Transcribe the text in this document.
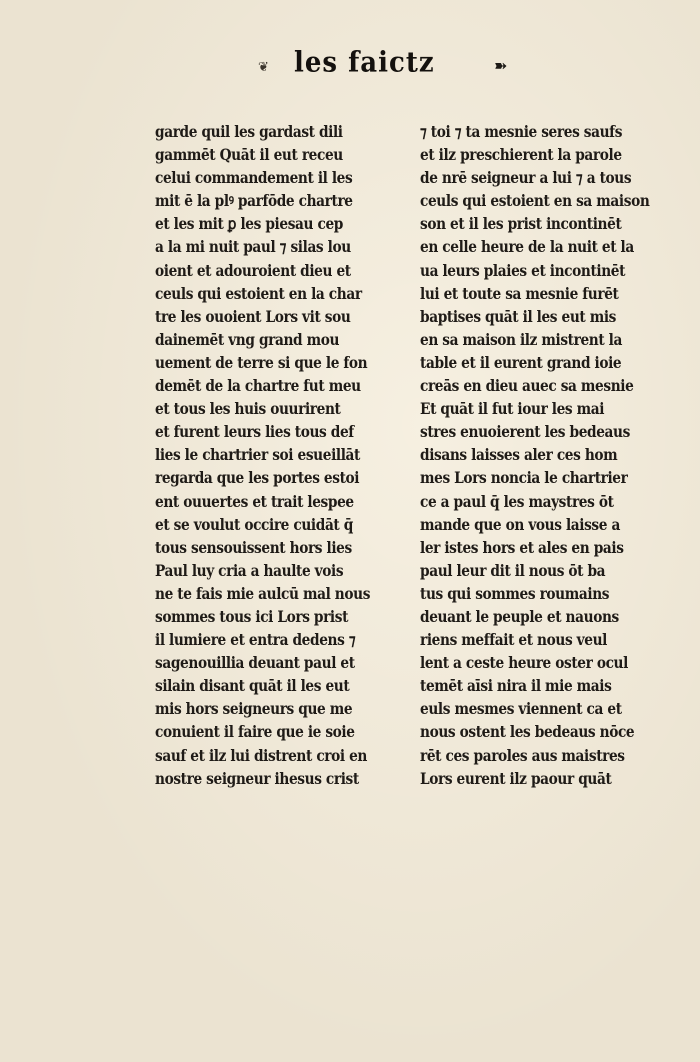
❦ les faictz	➽
garde quil les gardast dili
gammēt Quāt il eut receu
celui commandement il les
mit ē la plꝰ parfōde chartre
et les mit ꝑ les piesau cep
a la mi nuit paul ⁊ silas lou
oient et adouroient dieu et
ceuls qui estoient en la char
tre les ouoient Lors vit sou
dainemēt vng grand mou
uement de terre si que le fon
demēt de la chartre fut meu
et tous les huis ouurirent
et furent leurs lies tous def
lies le chartrier soi esueillāt
regarda que les portes estoi
ent ouuertes et trait lespee
et se voulut occire cuidāt q̄
tous sensouissent hors lies
Paul luy cria a haulte vois
ne te fais mie aulcū mal nous
sommes tous ici Lors prist
il lumiere et entra dedens ⁊
sagenouillia deuant paul et
silain disant quāt il les eut
mis hors seigneurs que me
conuient il faire que ie soie
sauf et ilz lui distrent croi en
nostre seigneur ihesus crist
⁊ toi ⁊ ta mesnie seres saufs
et ilz preschierent la parole
de nrē seigneur a lui ⁊ a tous
ceuls qui estoient en sa maison
son et il les prist incontinēt
en celle heure de la nuit et la
ua leurs plaies et incontinēt
lui et toute sa mesnie furēt
baptises quāt il les eut mis
en sa maison ilz mistrent la
table et il eurent grand ioie
creās en dieu auec sa mesnie
Et quāt il fut iour les mai
stres enuoierent les bedeaus
disans laisses aler ces hom
mes Lors noncia le chartrier
ce a paul q̄ les maystres ōt
mande que on vous laisse a
ler istes hors et ales en pais
paul leur dit il nous ōt ba
tus qui sommes roumains
deuant le peuple et nauons
riens meffait et nous veul
lent a ceste heure oster ocul
temēt aīsi nira il mie mais
euls mesmes viennent ca et
nous ostent les bedeaus nōce
rēt ces paroles aus maistres
Lors eurent ilz paour quāt
